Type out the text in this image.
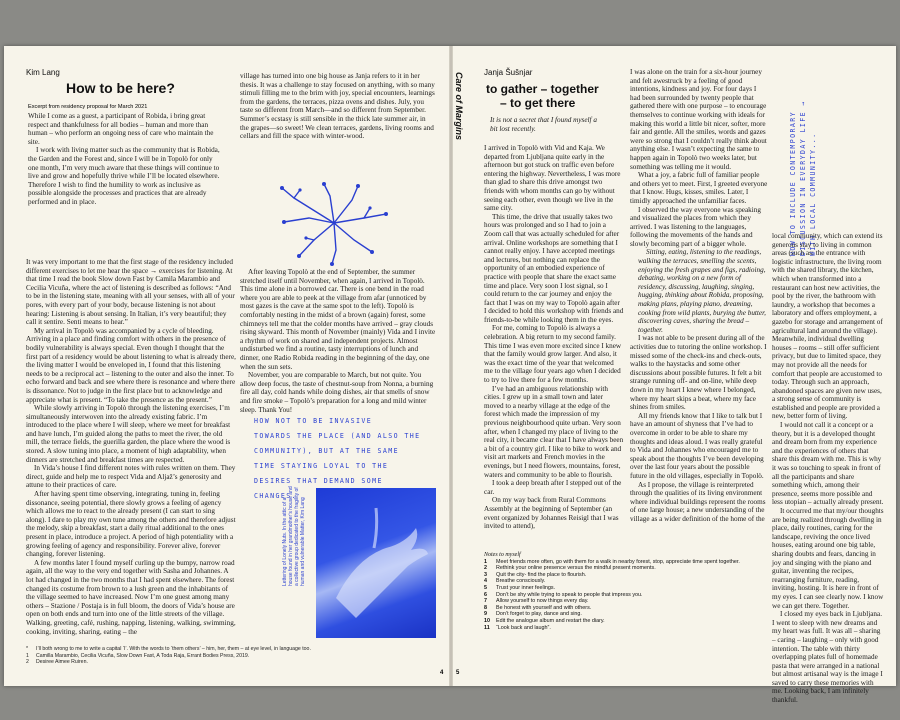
Kim Lang
How to be here?
Excerpt from residency proposal for March 2021

While I come as a guest, a participant of Robida, i bring great respect and thankfulness for all bodies – human and more than human – who perform an ongoing ness of care who maintain the site.

I work with living matter such as the community that is Robida, the Garden and the Forest and, since I will be in Topolò for only one month, I’m very much aware that these things will continue to live and grow and hopefully thrive while I’ll be located elsewhere. Therefore I wish to find the humility to work as inclusive as possible alongside the processes and practices that are already performed and in place.

It was very important to me that the first stage of the residency included different exercises to let me hear the space → exercises for listening. At that time I read the book Slow down Fast by Camila Marambio and Cecilia Vicuña, where the act of listening is described as follows: “And to be in the listening state, meaning with all your senses, with all of your pores, with every part of your body, because listening is not about hearing: Listening is about sensing. In Italian, it’s very beautiful; they call it sentire. Senti means to hear.”

My arrival in Topolò was accompanied by a cycle of bleeding. Arriving in a place and finding comfort with others in the presence of bodily vulnerability is always special. Even though I thought that the first part of a residency would be about listening to what is already there, the living matter I would be enveloped in, I found that this listening needs to be a reciprocal act – listening to the outer and also the inner. To echo forward and back and see where there is resonance and where there is dissonance. Not to judge in the first place but to acknowledge and appreciate what is present. “To take the presence as the present.”

While slowly arriving in Topolò through the listening exercises, I’m simultaneously interwoven into the already existing fabric. I’m introduced to the place where I will sleep, where we meet for breakfast and have lunch, I’m guided along the paths to meet the river, the old mill, the terrace fields, the guerilla garden, the place where the wood is stored. A slow tuning into place, a moment of high adaptability, when dinners are stretched and breakfast times are respected.

In Vida’s house I find different notes with rules written on them. They direct, guide and help me to respect Vida and Aljaž’s generosity and attune to their practices of care.

After having spent time observing, integrating, tuning in, feeling dissonance, seeing potential, there slowly grows a feeling of agency which allows me to react to the already present (I can start to sing along). I dare to play my own tune among the others and therefore adjust the melody, skip a breakfast, start a daily ritual additional to the ones present in place, introduce a project. A period of high potentiality with a growing feeling of agency and responsibility. Forever alive, forever changing, forever listening.

A few months later I found myself curling up the bumpy, narrow road again, all the way to the very end together with Sasha and Johannes. A lot had changed in the two months that I had spent elsewhere. The forest changed its costume from brown to a lush green and the inhabitants of the village seemed to have increased. Now I’m one guest among many others – Stazione / Postaja is in full bloom, the doors of Vida’s house are open on both ends and turn into one of the little streets of the village. Walking, greeting, café, rushing, napping, listening, walking, swimming, cooking, inviting, sharing, eating – the

village has turned into one big house as Janja refers to it in her thesis. It was a challenge to stay focused on anything, with so many stimuli filling me to the brim with joy, special encounters, learnings from the gardens, the terraces, pizza ovens and dishes. July, you taste so different from March—and so different from September. Summer’s ecstasy is still sensible in the thick late summer air, in the grapes—so sweet! We clean terraces, gardens, living rooms and cellars and fill the space with winter-wood.

After leaving Topolò at the end of September, the summer stretched itself until November, when again, I arrived in Topolò. This time alone in a borrowed car. There is one bend in the road where you are able to peek at the village from afar (unnoticed by most gazes is the cave at the same spot to the left). Topolò is comfortably nesting in the midst of a brown (again) forest, some chimneys tell me that the colder months have arrived – gray clouds rising skyward. This month of November (mainly) Vida and I invite a rhythm of work on shared and independent projects. Almost undisturbed we find a routine, tasty interruptions of lunch and dinner, one Radio Robida reading in the beginning of the day, one when the sun sets.

November, you are comparable to March, but not quite. You allow deep focus, the taste of chestnut-soup from Nonna, a burning fire all day, cold hands while doing dishes, air that smells of snow and fire smoke – Topolò’s preparation for a long and mild winter sleep. Thank You!

HOW NOT TO BE INVASIVE
TOWARDS THE PLACE (AND ALSO THE
COMMUNITY), BUT AT THE SAME
TIME STAYING LOYAL TO THE
DESIRES THAT DEMAND SOME
CHANGES.
Lettering of Lonely Nuts. In the attic of a house found in her grandmother’s house and a collective group dedicated to the fragility of human and vulnerable Matter, Kim Lang
*	I’ll both wrong to me to write a capital ‘I’. With the words to ‘them others’ – him, her, them – at eye level, in language too.
1	Camilla Marambio, Cecilia Vicuña, Slow Down Fast, A Toda Raja, Errant Bodies Press, 2019.
2	Desiree Aimee Ruiren.
4
Janja Šušnjar
Care of Margins to gather – together
– to get there
It is not a secret that I found myself a bit lost recently.

I arrived in Topolò with Vid and Kaja. We departed from Ljubljana quite early in the afternoon but got stuck on traffic even before entering the highway. Nevertheless, I was more than glad to share this drive amongst two friends with whom months can go by without seeing each other, even though we live in the same city.

This time, the drive that usually takes two hours was prolonged and so I had to join a Zoom call that was actually scheduled for after arrival. Online workshops are something that I cannot really enjoy. I have accepted meetings and lectures, but nothing can replace the opportunity of an embodied experience of practice with people that share the exact same time and place. Very soon I lost signal, so I could return to the car journey and enjoy the fact that I was on my way to Topolò again after I decided to hold this workshop with friends and friends-to-be while looking them in the eyes.

For me, coming to Topolò is always a celebration. A big return to my second family. This time I was even more excited since I knew that the family would grow larger. And also, it was the exact time of the year that welcomed me to the village four years ago when I decided to try to live there for a few months.

I’ve had an ambiguous relationship with cities. I grew up in a small town and later moved to a nearby village at the edge of the forest which made the impression of my previous neighbourhood quite urban. Very soon after, when I changed my place of living to the real city, it became clear that I have always been a bit of a country girl. I like to bike to work and visit art markets and French movies in the evenings, but I need flowers, mountains, forest, waters and community to be able to flourish.

I took a deep breath after I stepped out of the car.

On my way back from Rural Commons Assembly at the beginning of September (an event organized by Johannes Reisigl that I was invited to attend),

Notes to myself
1	Meet friends more often, go with them for a walk in nearby forest, stop, appreciate time spent together.
2	Rethink your online presence versus the mindful present moments.
3	Quit the city- find the place to flourish.
4	Breathe consciously.
5	Trust your inner feelings.
6	Don’t be shy while trying to speak to people that impress you.
7	Allow yourself to now things every day.
8	Be honest with yourself and with others.
9	Don’t forget to play, dance and sing.
10	Edit the analogue album and restart the diary.
11	“Look back and laugh”.

I was alone on the train for a six-hour journey and felt awestruck by a feeling of good intentions, kindness and joy. For four days I had been surrounded by twenty people that gathered there with one purpose – to encourage themselves to continue working with ideals for making this world a little bit nicer, softer, more fair and gentle. All the smiles, words and gazes were so strong that I couldn’t really think about anything else. I wasn’t expecting the same to happen again in Topolò two weeks later, but something was telling me it would.

What a joy, a fabric full of familiar people and others yet to meet. First, I greeted everyone that I know. Hugs, kisses, smiles. Later, I timidly approached the unfamiliar faces.

I observed the way everyone was speaking and visualized the places from which they arrived. I was listening to the languages, following the movements of the hands and slowly becoming part of a bigger whole.

Sitting, eating, listening to the readings, walking the terraces, smelling the scents, enjoying the fresh grapes and figs, radioing, debating, working on a new form of residency, discussing, laughing, singing, hugging, thinking about Robida, proposing, making plans, playing piano, dreaming, cooking from wild plants, burying the butter, discovering caves, sharing the bread – together.

I was not able to be present during all of the activities due to tutoring the online workshop. I missed some of the check-ins and check-outs, walks to the haystacks and some other discussions about possible futures. It felt a bit strange running off- and on-line, while deep down in my heart I knew where I belonged, where my heart skips a beat, where my face shines from smiles.

All my friends know that I like to talk but I have an amount of shyness that I’ve had to overcome in order to be able to share my thoughts and ideas aloud. I was really grateful to Vida and Johannes who encouraged me to speak about the thoughts I’ve been developing over the last four years about the possible future in the old villages, especially in Topolò.

As I propose, the village is reinterpreted through the qualities of its living environment where individual buildings represent the rooms of one large house; a new understanding of the village as a wider definition of the home of the

HOW TO INCLUDE CONTEMPORARY DISCUSSION IN EVERYDAY LIFE → WITH LOCAL COMMUNITY...

local community, which can extend its generous stay to living in common areas (such as: the entrance with logistic infrastructure, the living room with the shared library, the kitchen, which when transformed into a restaurant can host new activities, the pool by the river, the bathroom with laundry, a workshop that becomes a laboratory and offers employment, a gazebo for storage and arrangement of agricultural land around the village). Meanwhile, individual dwelling houses – rooms – still offer sufficient privacy, but due to limited space, they may not provide all the needs for comfort that people are accustomed to today. Through such an approach, abandoned spaces are given new uses, a strong sense of community is established and people are provided a new, better form of living.

I would not call it a concept or a theory, but it is a developed thought and dream born from my experience and the experiences of others that share this dream with me. This is why it was so touching to speak in front of all the participants and share something which, among their presence, seems more possible and less utopian – actually already present.

It occurred me that my/our thoughts are being realized through dwelling in place, daily routines, caring for the landscape, reviving the once lived houses, eating around one big table, sharing doubts and fears, dancing in joy and singing with the piano and guitar, inventing the recipes, rearranging furniture, reading, inviting, hosting. It is here in front of my eyes. I can see clearly now. I know we can get there. Together.

I closed my eyes back in Ljubljana. I went to sleep with new dreams and my heart was full. It was all – sharing – caring – laughing – only with good intention. The table with thirty overlapping plates full of homemade pasta that were arranged in a national but almost artisanal way is the image I saved to carry these memories with me. Looking back, I am infinitely thankful.

5
